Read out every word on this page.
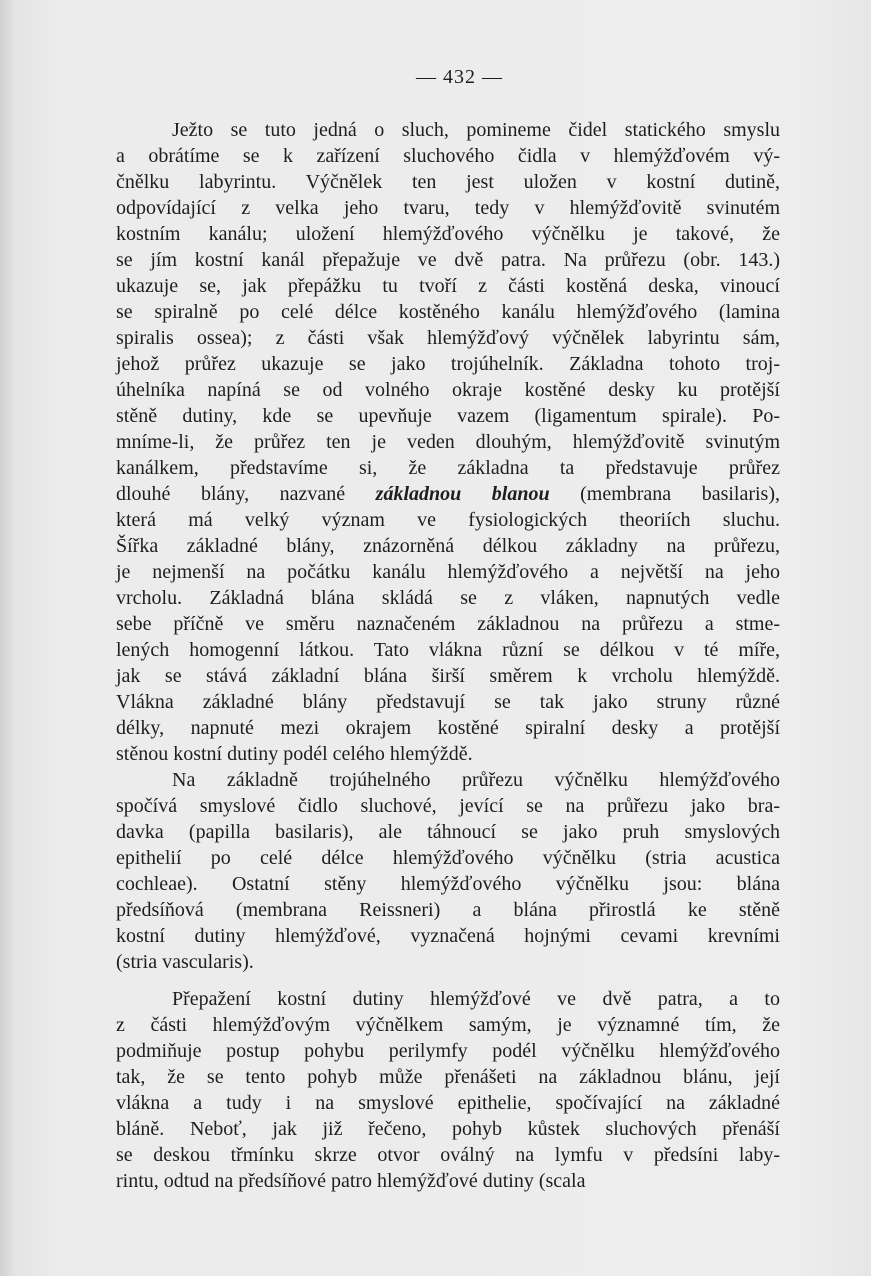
— 432 —
Ježto se tuto jedná o sluch, pomineme čidel statického smyslu
a obrátíme se k zařízení sluchového čidla v hlemýžďovém vý-
čnělku labyrintu. Výčnělek ten jest uložen v kostní dutině,
odpovídající z velka jeho tvaru, tedy v hlemýžďovitě svinutém
kostním kanálu; uložení hlemýžďového výčnělku je takové, že
se jím kostní kanál přepažuje ve dvě patra. Na průřezu (obr. 143.)
ukazuje se, jak přepážku tu tvoří z části kostěná deska, vinoucí
se spiralně po celé délce kostěného kanálu hlemýžďového (lamina
spiralis ossea); z části však hlemýžďový výčnělek labyrintu sám,
jehož průřez ukazuje se jako trojúhelník. Základna tohoto troj-
úhelníka napíná se od volného okraje kostěné desky ku protější
stěně dutiny, kde se upevňuje vazem (ligamentum spirale). Po-
mníme-li, že průřez ten je veden dlouhým, hlemýžďovitě svinutým
kanálkem, představíme si, že základna ta představuje průřez
dlouhé blány, nazvané základnou blanou (membrana basilaris),
která má velký význam ve fysiologických theoriích sluchu.
Šířka základné blány, znázorněná délkou základny na průřezu,
je nejmenší na počátku kanálu hlemýžďového a největší na jeho
vrcholu. Základná blána skládá se z vláken, napnutých vedle
sebe příčně ve směru naznačeném základnou na průřezu a stme-
lených homogenní látkou. Tato vlákna různí se délkou v té míře,
jak se stává základní blána širší směrem k vrcholu hlemýždě.
Vlákna základné blány představují se tak jako struny různé
délky, napnuté mezi okrajem kostěné spiralní desky a protější
stěnou kostní dutiny podél celého hlemýždě.
Na základně trojúhelného průřezu výčnělku hlemýžďového
spočívá smyslové čidlo sluchové, jevící se na průřezu jako bra-
davka (papilla basilaris), ale táhnoucí se jako pruh smyslových
epithelií po celé délce hlemýžďového výčnělku (stria acustica
cochleae). Ostatní stěny hlemýžďového výčnělku jsou: blána
předsíňová (membrana Reissneri) a blána přirostlá ke stěně
kostní dutiny hlemýžďové, vyznačená hojnými cevami krevními
(stria vascularis).
Přepažení kostní dutiny hlemýžďové ve dvě patra, a to
z části hlemýžďovým výčnělkem samým, je významné tím, že
podmiňuje postup pohybu perilymfy podél výčnělku hlemýžďového
tak, že se tento pohyb může přenášeti na základnou blánu, její
vlákna a tudy i na smyslové epithelie, spočívající na základné
bláně. Neboť, jak již řečeno, pohyb kůstek sluchových přenáší
se deskou třmínku skrze otvor oválný na lymfu v předsíni laby-
rintu, odtud na předsíňové patro hlemýžďové dutiny (scala
